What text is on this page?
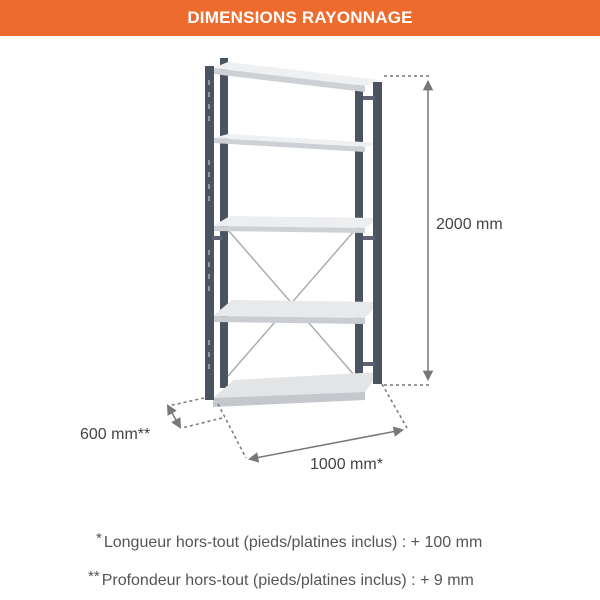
DIMENSIONS RAYONNAGE
2000 mm
1000 mm*
600 mm**
* Longueur hors-tout (pieds/platines inclus) : + 100 mm
** Profondeur hors-tout (pieds/platines inclus) : + 9 mm
